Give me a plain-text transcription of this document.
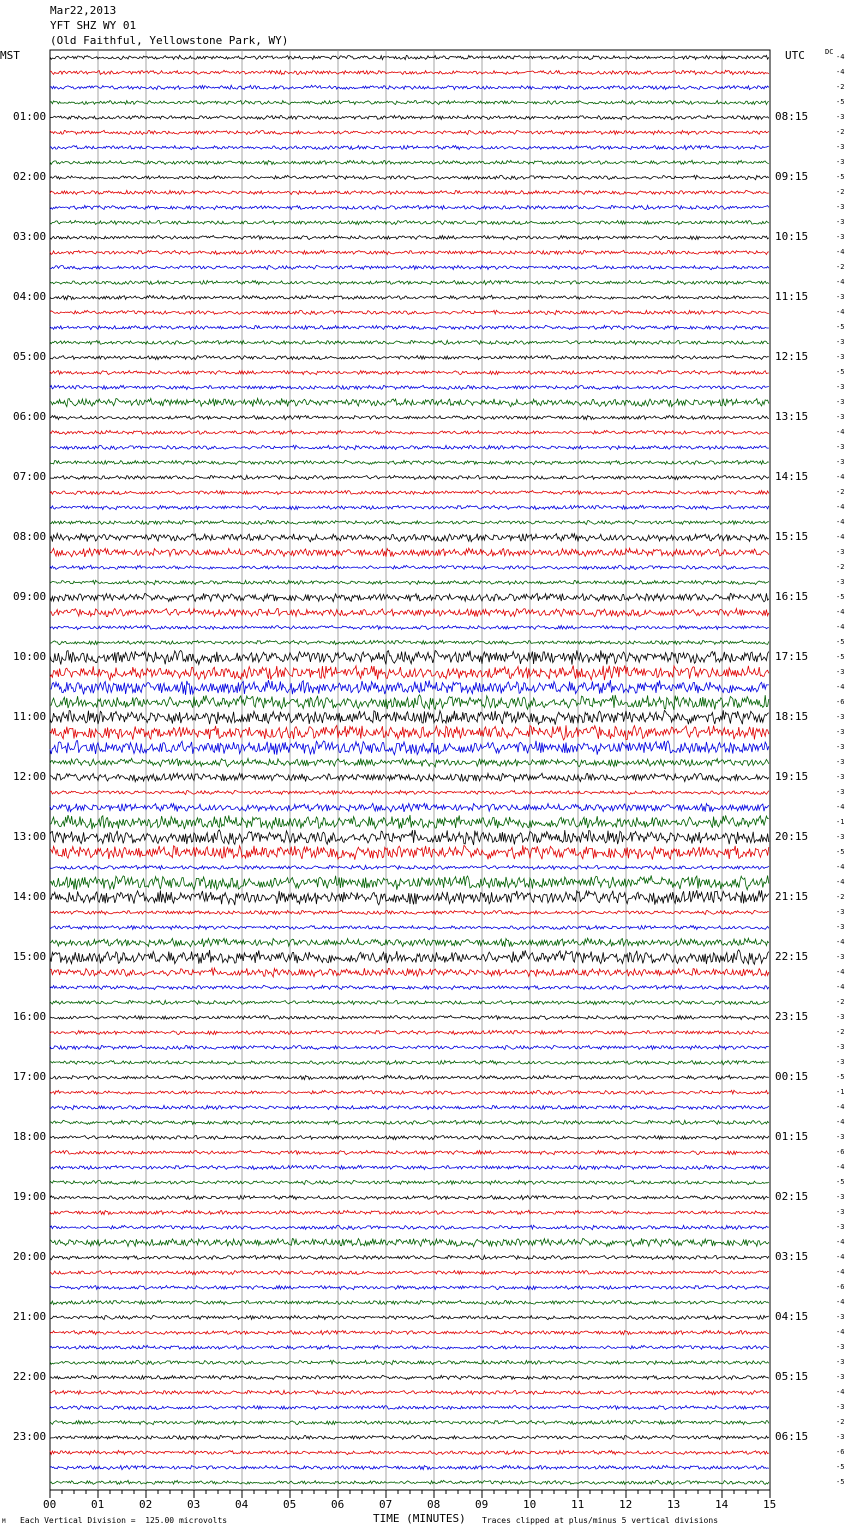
Mar22,2013
YFT SHZ WY 01
(Old Faithful, Yellowstone Park, WY)
MST	UTC	DC
01:00
02:00
03:00
04:00
05:00
06:00
07:00
08:00
09:00
10:00
11:00
12:00
13:00
14:00
15:00
16:00
17:00
18:00
19:00
20:00
21:00
22:00
23:00
08:15
09:15
10:15
11:15
12:15
13:15
14:15
15:15
16:15
17:15
18:15
19:15
20:15
21:15
22:15
23:15
00:15
01:15
02:15
03:15
04:15
05:15
06:15
-4
-4
-2
-5
-3
-2
-3
-3
-5
-2
-3
-3
-3
-4
-2
-4
-3
-4
-5
-3
-3
-5
-3
-3
-3
-4
-3
-3
-4
-2
-4
-4
-4
-3
-2
-3
-5
-4
-4
-5
-5
-3
-4
-6
-3
-3
-3
-3
-3
-3
-4
-1
-3
-5
-4
-4
-2
-3
-3
-4
-3
-4
-4
-2
-3
-2
-3
-3
-5
-1
-4
-4
-3
-6
-4
-5
-3
-3
-3
-4
-4
-4
-6
-4
-3
-4
-3
-3
-3
-4
-3
-2
-3
-6
-5
-5
00	01	02	03	04	05	06	07	08	09	10	11	12	13	14	15
TIME (MINUTES)
Each Vertical Division =  125.00 microvolts	Traces clipped at plus/minus 5 vertical divisions
M
